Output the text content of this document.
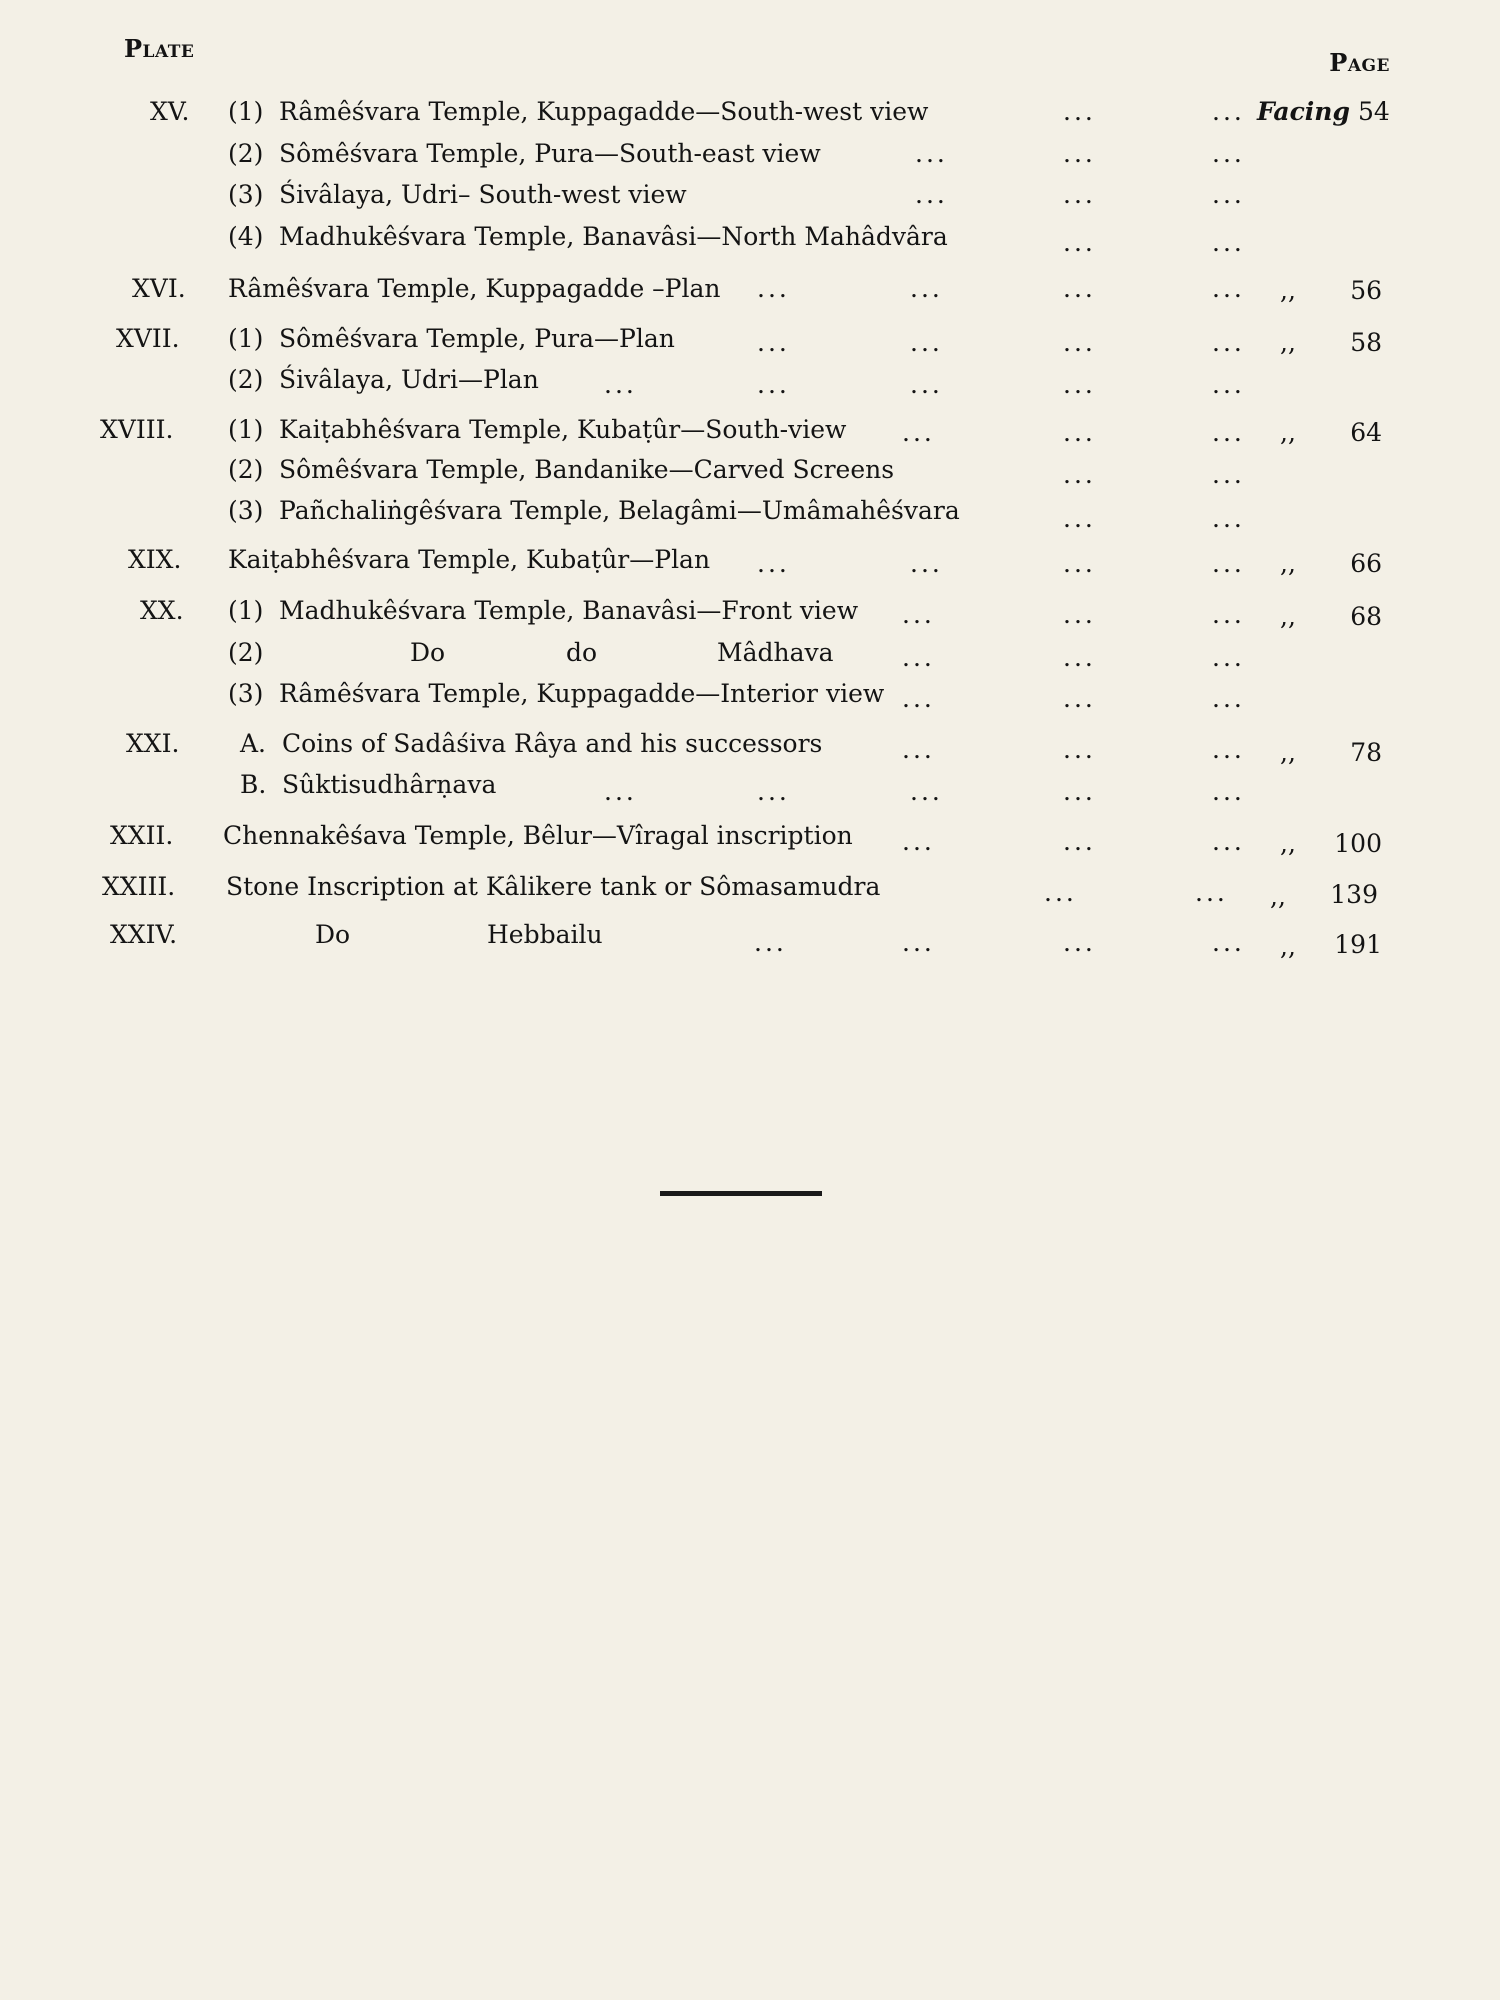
Plate	Page
XV. (1) Râmêśvara Temple, Kuppagadde—South-west view	...	... Facing 54
(2) Sômêśvara Temple, Pura—South-east view	...	...	...
(3) Śivâlaya, Udri– South-west view	...	...	...
(4) Madhukêśvara Temple, Banavâsi—North Mahâdvâra	...	...
XVI. Râmêśvara Temple, Kuppagadde –Plan ...	...	...	... ,,	56
XVII. (1) Sômêśvara Temple, Pura—Plan	...	...	...	... ,,	58
(2) Śivâlaya, Udri—Plan	...	...	...	...	...
XVIII. (1) Kaiṭabhêśvara Temple, Kubaṭûr—South-view ...	...	... ,,	64
(2) Sômêśvara Temple, Bandanike—Carved Screens	...	...
(3) Pañchaliṅgêśvara Temple, Belagâmi—Umâmahêśvara	...	...
XIX. Kaiṭabhêśvara Temple, Kubaṭûr—Plan ...	...	...	... ,,	66
XX. (1) Madhukêśvara Temple, Banavâsi—Front view ...	...	... ,,	68
(2)	Do	do	Mâdhava	...	...	...
(3) Râmêśvara Temple, Kuppagadde—Interior view ...	...	...
XXI. A. Coins of Sadâśiva Râya and his successors	...	...	... ,,	78
B. Sûktisudhârṇava	...	...	...	...	...
XXII. Chennakêśava Temple, Bêlur—Vîragal inscription ...	...	... ,,	100
XXIII. Stone Inscription at Kâlikere tank or Sômasamudra	...	... ,,	139
XXIV.	Do	Hebbailu	...	...	...	... ,,	191
